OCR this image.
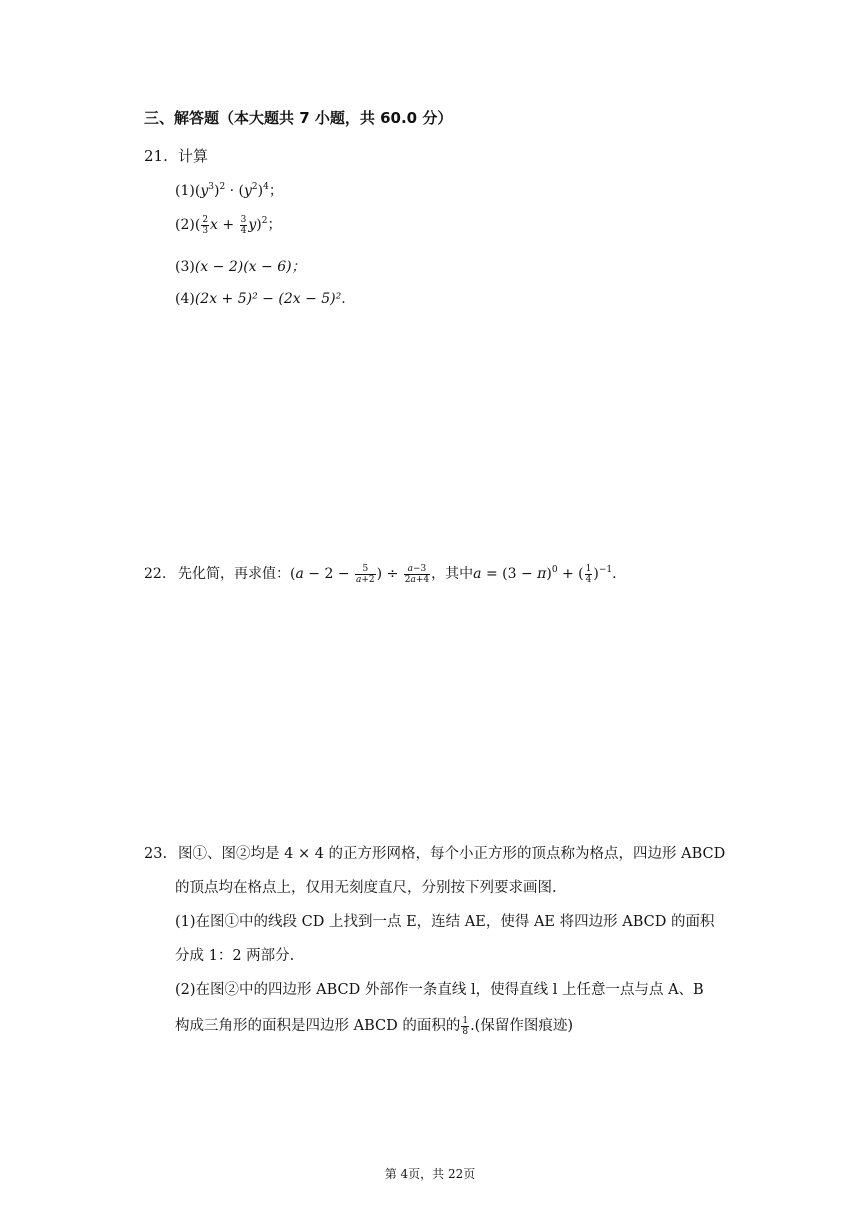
三、解答题（本大题共 7 小题，共 60.0 分）
21. 计算
$(1)(y^3)^2 \cdot (y^2)^4$；
$(2)( \frac{2}{3}$ $x + \frac{3}{4} y)^2$；
(3)(x − 2)(x − 6)；
(4)(2x + 5)² − (2x − 5)².
22. 先化简，再求值：($a - 2 - \frac{5}{a+2}$ ) ÷ $\frac{a-3}{2a+4}$ ，其中$a = (3 - \pi)^0$ + ( $\frac{1}{4} )^{-1}$.
23. 图①、图②均是 4 × 4 的正方形网格，每个小正方形的顶点称为格点，四边形 ABCD
的顶点均在格点上，仅用无刻度直尺，分别按下列要求画图.
(1)在图①中的线段 CD 上找到一点 E，连结 AE，使得 AE 将四边形 ABCD 的面积
分成 1：2 两部分.
(2)在图②中的四边形 ABCD 外部作一条直线 l，使得直线 l 上任意一点与点 A、B
构成三角形的面积是四边形 ABCD 的面积的 $\frac{1}{8}$ .(保留作图痕迹)
第 4页，共 22页
